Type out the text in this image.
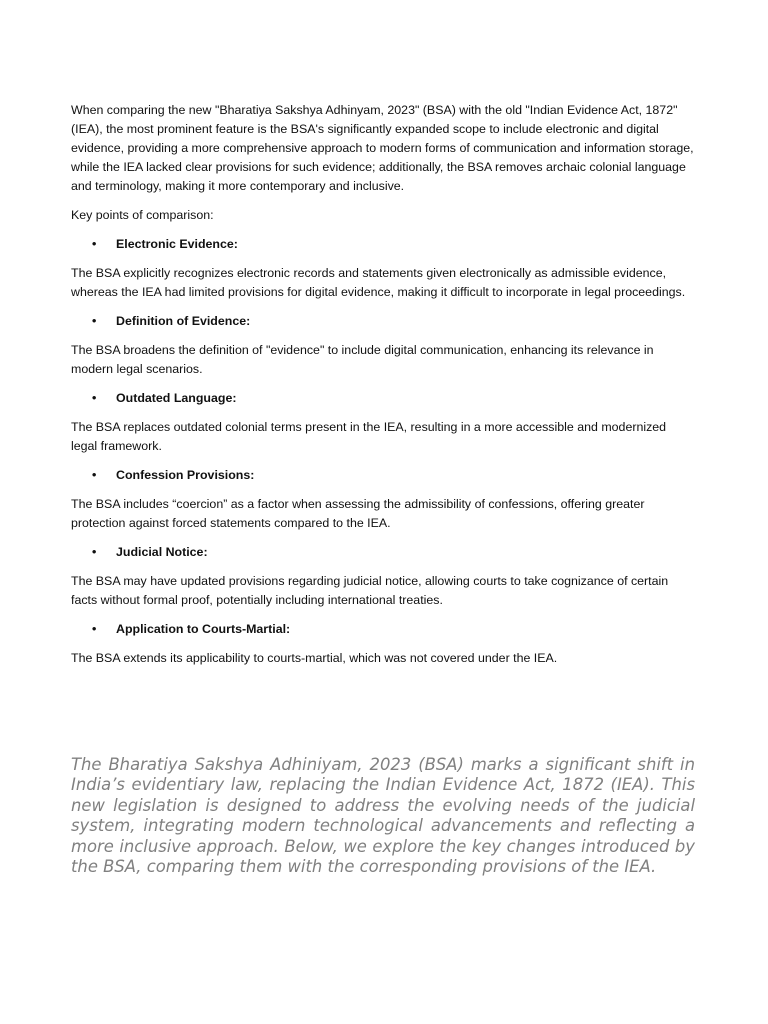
When comparing the new "Bharatiya Sakshya Adhinyam, 2023" (BSA) with the old "Indian Evidence Act, 1872" (IEA), the most prominent feature is the BSA's significantly expanded scope to include electronic and digital evidence, providing a more comprehensive approach to modern forms of communication and information storage, while the IEA lacked clear provisions for such evidence; additionally, the BSA removes archaic colonial language and terminology, making it more contemporary and inclusive.

Key points of comparison:

• Electronic Evidence:

The BSA explicitly recognizes electronic records and statements given electronically as admissible evidence, whereas the IEA had limited provisions for digital evidence, making it difficult to incorporate in legal proceedings.

• Definition of Evidence:

The BSA broadens the definition of "evidence" to include digital communication, enhancing its relevance in modern legal scenarios.

• Outdated Language:

The BSA replaces outdated colonial terms present in the IEA, resulting in a more accessible and modernized legal framework.

• Confession Provisions:

The BSA includes “coercion” as a factor when assessing the admissibility of confessions, offering greater protection against forced statements compared to the IEA.

• Judicial Notice:

The BSA may have updated provisions regarding judicial notice, allowing courts to take cognizance of certain facts without formal proof, potentially including international treaties.

• Application to Courts-Martial:

The BSA extends its applicability to courts-martial, which was not covered under the IEA.

The Bharatiya Sakshya Adhiniyam, 2023 (BSA) marks a significant shift in India’s evidentiary law, replacing the Indian Evidence Act, 1872 (IEA). This new legislation is designed to address the evolving needs of the judicial system, integrating modern technological advancements and reflecting a more inclusive approach. Below, we explore the key changes introduced by the BSA, comparing them with the corresponding provisions of the IEA.
